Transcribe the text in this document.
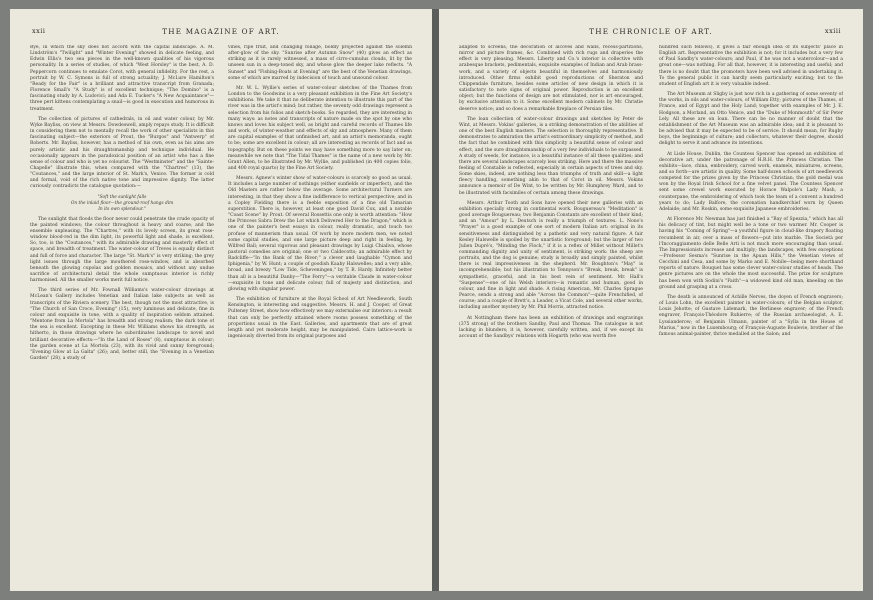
xxii	THE MAGAZINE OF ART.

Rye, in which the sky does not accord with the capital landscape. A. M. Lindström's "Twilight" and "Winter Evening" showed in delicate feeling, and Edwin Ellis's two sea pieces in the well-known qualities of his vigorous personality. In a series of studies, of which "West Horsley" is the best, A. D. Peppercorn continues to emulate Corot, with general infidelity. For the rest, a portrait by W. C. Symons is full of strong actuality; J. McLure Hamilton's "Ready for the Fair" is a brilliant and attractive transcript from Granada; Florence Small's "A Study" is of excellent technique; "The Domino" is a fascinating study by A. Ludovici; and Ada E. Tucker's "A New Acquaintance"—three pert kittens contemplating a snail—is good in execution and humorous in treatment.

The collection of pictures of cathedrals, in oil and water colour, by Mr. Wyke Bayliss, on view at Messrs. Dowdeswell, amply repays study. It is difficult in considering them not to mentally recall the work of other specialists in this fascinating subject—the exteriors of Prout, the "Burgos" and "Antwerp" of Roberts. Mr. Bayliss, however, has a method of his own, even as his aims are purely artistic and his draughtsmanship and technique individual. He occasionally appears in the paradoxical position of an artist who has a fine sense of colour and who is yet no colourist. The "Westminster" and the "Sainte-Chapelle" illustrate this, when compared with the "Chartres" (13), the "Coutances," and the large interior of St. Mark's, Venice. The former is cold and formal, void of the rich native tone and impressive dignity. The latter curiously contradicts the catalogue quotation:—

"Soft the sunlight falls
On the inlaid floor—the ground-roof hangs dim
In its own splendour."

The sunlight that floods the floor never could penetrate the crude opacity of the painted windows; the colour throughout is heavy and coarse, and the ensemble unpleasing. The "Chartres," with its lovely screen, its great rose-window blood-red in the dim light, its powerful light and shade, is excellent. So, too, is the "Coutances," with its admirable drawing and masterly effect of space, and breadth of treatment. The water-colour of Treves is equally distinct and full of force and character. The large "St. Mark's" is very striking; the grey light issues through the large mouthered rose-window, and is absorbed beneath the glowing cupolas and golden mosaics, and without any undue sacrifice of architectural detail the whole sumptuous interior is richly harmonised. All the smaller works merit full notice.

The third series of Mr. Fownall Williams's water-colour drawings at McLean's Gallery includes Venetian and Italian lake subjects as well as transcripts of the Riviera scenery. The best, though not the most attractive, is "The Church of San Croce, Evening" (15), very luminous and delicate, fine in colour and exquisite in tone, with a quality of inspiration seldom attained. "Mentone from La Mortola" has breadth and strong realism; the dark tone of the sea is excellent. Excepting in these Mr. Williams shows his strength, as hitherto, in those drawings where he subordinates landscape to novel and brilliant decorative effects:—"In the Land of Roses" (8), sumptuous in colour; the garden scene at La Mortola (23), with its vivid and sunny foreground; "Evening Glow at La Galta" (26); and, better still, the "Evening in a Venetian Garden" (28), a study of

vines, ripe fruit, and changing foliage, boldly projected against the solemn after-glow of the sky. "Sunrise after Autumn Snow" (40) gives an effect as striking as it is rarely witnessed, a mass of cirro-cumulus clouds, lit by the unseen sun in a deep-toned sky, and whose glow the deeper lake reflects. "A Sunset" and "Fishing-Boats at Evening" are the best of the Venetian drawings, some of which are marred by indecision of touch and unsound colour.

Mr. W. L. Wyllie's series of water-colour sketches of the Thames from London to the Goodwins is a very pleasant exhibition in the Fine Art Society's exhibitions. We take it that no deliberate intention to illustrate this part of the river was in the artist's mind; but rather, the seventy odd drawings represent a selection from his folios and sketch-books. So regarded, they are interesting in many ways: as notes and transcripts of nature made on the spot by one who knows and loves his subject well, as bright and careful records of Thames life and work, of winter-weather and effects of sky and atmosphere. Many of them are capital examples of that unfinished art, and an artist's memoranda, ought to be; some are excellent in colour; all are interesting as records of fact and as topography. But on these points we may have something more to say later on; meanwhile we note that "The Tidal Thames" is the name of a new work by Mr. Grant Allen, to be illustrated by Mr. Wyllie, and published (in 400 copies folio, and 400 royal quarto) by the Fine Art Society.

Messrs. Agnew's winter show of water-colours is scarcely so good as usual. It includes a large number of nothings (either sunfields or imperfect), and the Old Masters are rather below the average. Some architectural Turners are interesting, in that they show a fine indifference to vertical perspective; and in a Copley Fielding there is a feeble exposition of a fine old Tamarian superstition. There is, however, at least one good David Cox, and a notable "Coast Scene" by Prout. Of several Rossettis one only is worth attention: "How the Princess Sabra Drew the Lot which Delivered Her to the Dragon;" which is one of the painter's best essays in colour, really dramatic, and touch too profuse of mannerism than usual. Of work by more modern men, we noted some capital studies, and one large picture deep and right in feeling, by Wilfred Ball; several vigorous and pleasant drawings by Luigi Chialiva, whose pastoral comedies are original; one or two Caldecotts; an admirable effect by Radcliffe—"In the Bank of the River;" a clever and laughable "Cymon and Iphigenia," by W. Hunt; a couple of goodish Kaaby Halswelles; and a very able, broad, and breezy "Low Tide, Scheveningen," by T. B. Hardy. Infinitely better than all is a beautiful Danby—"The Ferry"—a veritable Claude in water-colour—exquisite in tone and delicate colour, full of majesty and distinction, and glowing with singular power.

The exhibition of furniture at the Royal School of Art Needlework, South Kensington, is interesting and suggestive. Messrs. H. and J. Cooper, of Great Pulteney Street, show how effectively we may externalise our interiors: a result that can only be perfectly attained where rooms possess something of the proportions usual in the East. Galleries, and apartments that are of great length and yet moderate height, may be manipulated. Cairo lattice-work is ingeniously diverted from its original purposes and

THE CHRONICLE OF ART.	xxiii

adapted to screens, the decoration of alcoves and walls, recess-partitions, mirror and picture frames, &c. Combined with rich rugs and draperies the effect is very pleasing. Messrs. Liberty and Co.'s interior is collective with arabesque brackets, pedimentals, exquisite examples of Indian and Arab brass-work, and a variety of objects beautiful in themselves and harmoniously introduced. Other firms exhibit good reproductions of Sheraton and Chippendale furniture, besides some articles of new design in which it is satisfactory to note signs of original power. Reproduction is an excellent object; but the functions of design are not stimulated, nor is art encouraged, by exclusive attention to it. Some excellent modern cabinets by Mr. Christie deserve notice; and so does a remarkable fireplace of Persian tiles.

The loan collection of water-colour drawings and sketches by Peter de Wint, at Messrs. Vokins' galleries, is a striking demonstration of the abilities of one of the best English masters. The selection is thoroughly representative. It demonstrates to admiration the artist's extraordinary simplicity of method, and the fact that he combined with this simplicity a beautiful sense of colour and effect, and the sure draughtsmanship of a very few individuals to be surpassed. A study of weeds, for instance, is a beautiful instance of all these qualities; and there are several landscapes scarcely less striking. Here and there the massive feeling of Constable is reflected, especially in certain aspects of trees and sky. Some skies, indeed, are nothing less than triumphs of truth and skill—a light fleecy handling, something akin to that of Corot in oil. Messrs. Vokins announce a memoir of De Wint, to be written by Mr. Humphrey Ward, and to be illustrated with facsimiles of certain among these drawings.

Messrs. Arthur Tooth and Sons have opened their new galleries with an exhibition specially strong in continental work. Bouguereau's "Meditation" is good average Bouguereau; two Benjamin Constants are excellent of their kind; and an "Amour" by L. Deutsch is really a triumph of textures. L. Nono's "Prayer" is a good example of one sort of modern Italian art: original in its sensitiveness and distinguished by a pathetic and very natural figure. A fair Kesley Halswelle is spoiled by the unartistic foreground; but the larger of two Julien Dupré's, "Minding the Flock," if it is a reflex of Millet without Millet's commanding dignity and unity of sentiment, is striking work: the sheep are portraits, and the dog is genuine; study is broadly and simply painted, whilst there is real impressiveness in the shepherd. Mr. Boughton's "May" is incomprehensible; but his illustration to Tennyson's "Break, break, break" is sympathetic, graceful, and in his best vein of sentiment. Mr. Hall's "Suspense"—one of his Welsh interiors—is romantic and human, good in colour, and fine in light and shade. A rising American, Mr. Charles Sprague Pearce, sends a strong and able "Across the Common"—quite Frenchified, of course; and a couple of Brett's, a Leader, a Vicat Cole, and several other works, including another mystery by Mr. Phil Morris, attracted notice.

At Nottingham there has been an exhibition of drawings and engravings (375 strong) of the brothers Sandby, Paul and Thomas. The catalogue is not lacking in blunders; it is, however, carefully written, and, if we except its account of the Sandbys' relations with Hogarth (who was worth five

hundred such fellows), it gives a fair enough idea of its subjects' place in English art. Representative the exhibition is not; for it includes but a very few of Paul Sandby's water-colours; and Paul, if he was not a watercolour—and a great one—was nothing. For all that, however, it is interesting and useful; and there is no doubt that the promoters have been well advised in undertaking it. To the general public it can hardly seem particularly exciting; but to the student of English art it is very valuable indeed.

The Art Museum at Sligby is just now rich in a gathering of some seventy of the works, in oils and water-colours, of William Etty; pictures of the Thames, of France, and of Egypt and the Holy Land; together with examples of Mr. J. E. Hodgson, a Morland, an Otto Venice, and the "Duke of Monmouth" of Sir Peter Lely. All these are on loan. There can be no manner of doubt that the establishment of the Art Museum was an admirable idea; and it is pleasant to be advised that it may be expected to be of service. It should mean, for Rugby boys, the beginnings of culture; and collectors, whatever their degree, should delight to serve it and advance its intentions.

At Lisle House, Dublin, the Countess Spencer has opened an exhibition of decorative art, under the patronage of H.R.H. the Princess Christian. The exhibits—lace, china, embroidery, carved work, enamels, miniatures, screens, and so forth—are artistic in quality. Some half-dozen schools of art needlework competed for the prizes given by the Princess Christian; the gold medal was won by the Royal Irish School for a fine velvet panel. The Countess Spencer sent some crewel work executed by Horace Walpole's Lady Mash, a counterpane, the embroidering of which took the team of a convent a hundred years to do; Lady Balfore, the coronation handkerchief worn by Queen Adelaide; and Mr. Roskin, some exquisite Japanese embroideries.

At Florence Mr. Newman has just finished a "Bay of Spezzia," which has all his delicacy of tint, but might well be a tone or two warmer. Mr. Cooper is having his "Coming of Spring"—a youthful figure in cloud-like drapery floating recumbent in air, over a mass of flowers—put into marble. The Società per l'Incoraggiamento delle Belle Arti is not much more encouraging than usual. The Impressionists increase and multiply; the landscapes, with few exceptions—Professor Sesma's "Sunrise in the Apuan Hills," the Venetian views of Cecchini and Cesa, and some by Marko and E. Nobile—being mere shorthand reports of nature. Bouquet has some clever water-colour studies of heads. The genre pictures are on the whole the most successful. The prize for sculpture has been won with Sodini's "Faith"—a widowed kind old man, kneeling on the ground and grasping at a cross.

The death is announced of Achille Nerves, the doyen of French engravers; of Louis Lohn, the excellent painter in water-colours; of the Belgian sculptor, Louis Jehotte; of Gustave Lidemark, the Berlinese engraver; of the French engraver, François-Théodore Ruhierre; of the Russian archaeologist, A. E. Lyssianderow; of Benjamin Ulmann, painter of a "Sylla in the House of Marius," now in the Luxembourg; of François-Auguste Boulevie, brother of the famous animal-painter, thrice medalled at the Salon; and
